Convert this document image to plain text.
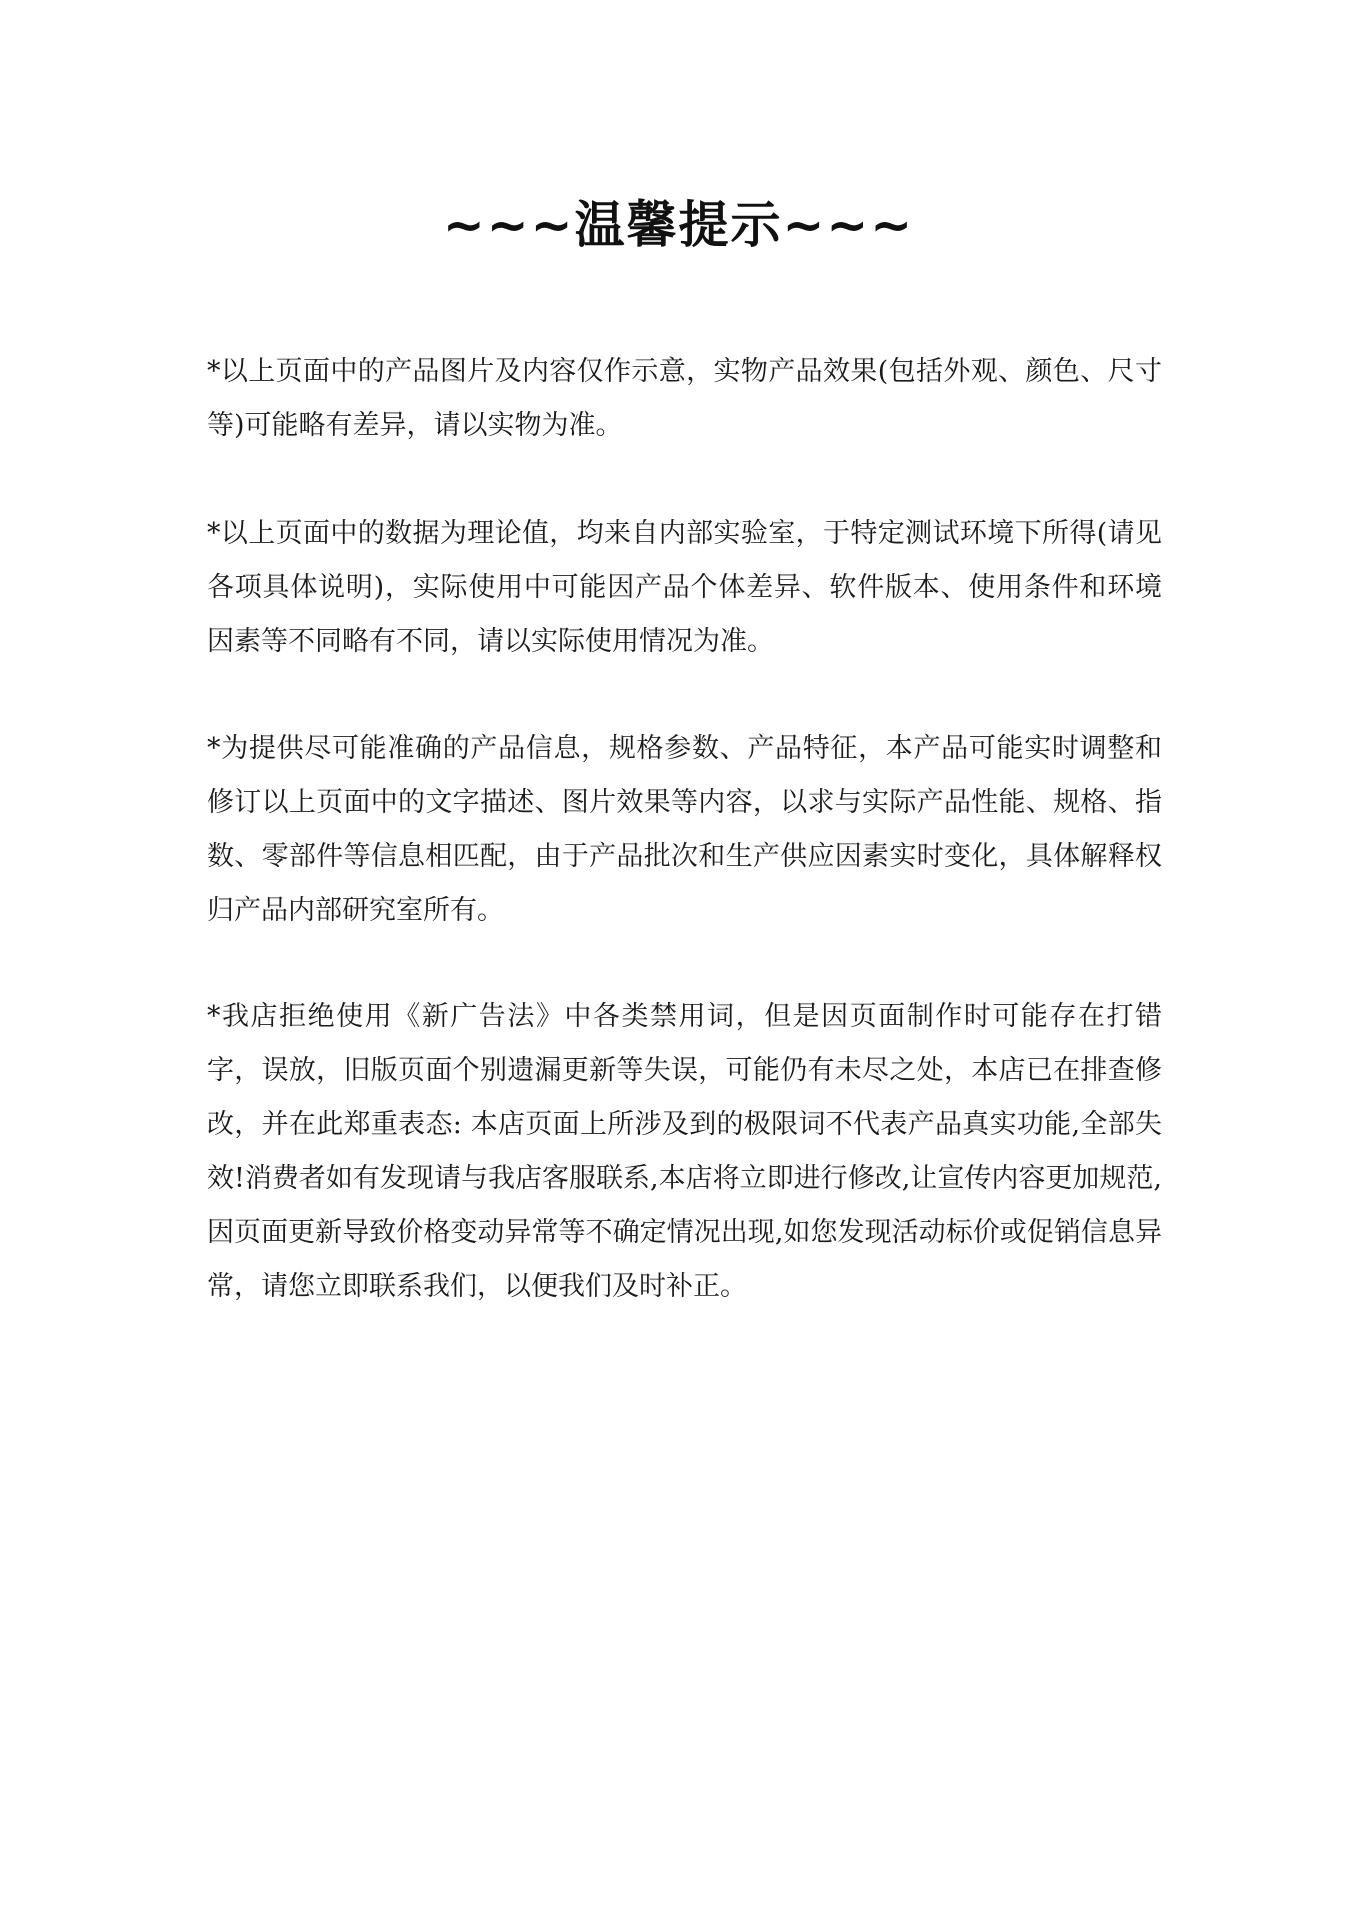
~~~温馨提示~~~

*以上页面中的产品图片及内容仅作示意，实物产品效果(包括外观、颜色、尺寸等)可能略有差异，请以实物为准。

*以上页面中的数据为理论值，均来自内部实验室，于特定测试环境下所得(请见各项具体说明)，实际使用中可能因产品个体差异、软件版本、使用条件和环境因素等不同略有不同，请以实际使用情况为准。

*为提供尽可能准确的产品信息，规格参数、产品特征，本产品可能实时调整和修订以上页面中的文字描述、图片效果等内容，以求与实际产品性能、规格、指数、零部件等信息相匹配，由于产品批次和生产供应因素实时变化，具体解释权归产品内部研究室所有。

*我店拒绝使用《新广告法》中各类禁用词，但是因页面制作时可能存在打错字，误放，旧版页面个别遗漏更新等失误，可能仍有未尽之处，本店已在排查修改，并在此郑重表态: 本店页面上所涉及到的极限词不代表产品真实功能,全部失效!消费者如有发现请与我店客服联系,本店将立即进行修改,让宣传内容更加规范,因页面更新导致价格变动异常等不确定情况出现,如您发现活动标价或促销信息异常，请您立即联系我们，以便我们及时补正。
